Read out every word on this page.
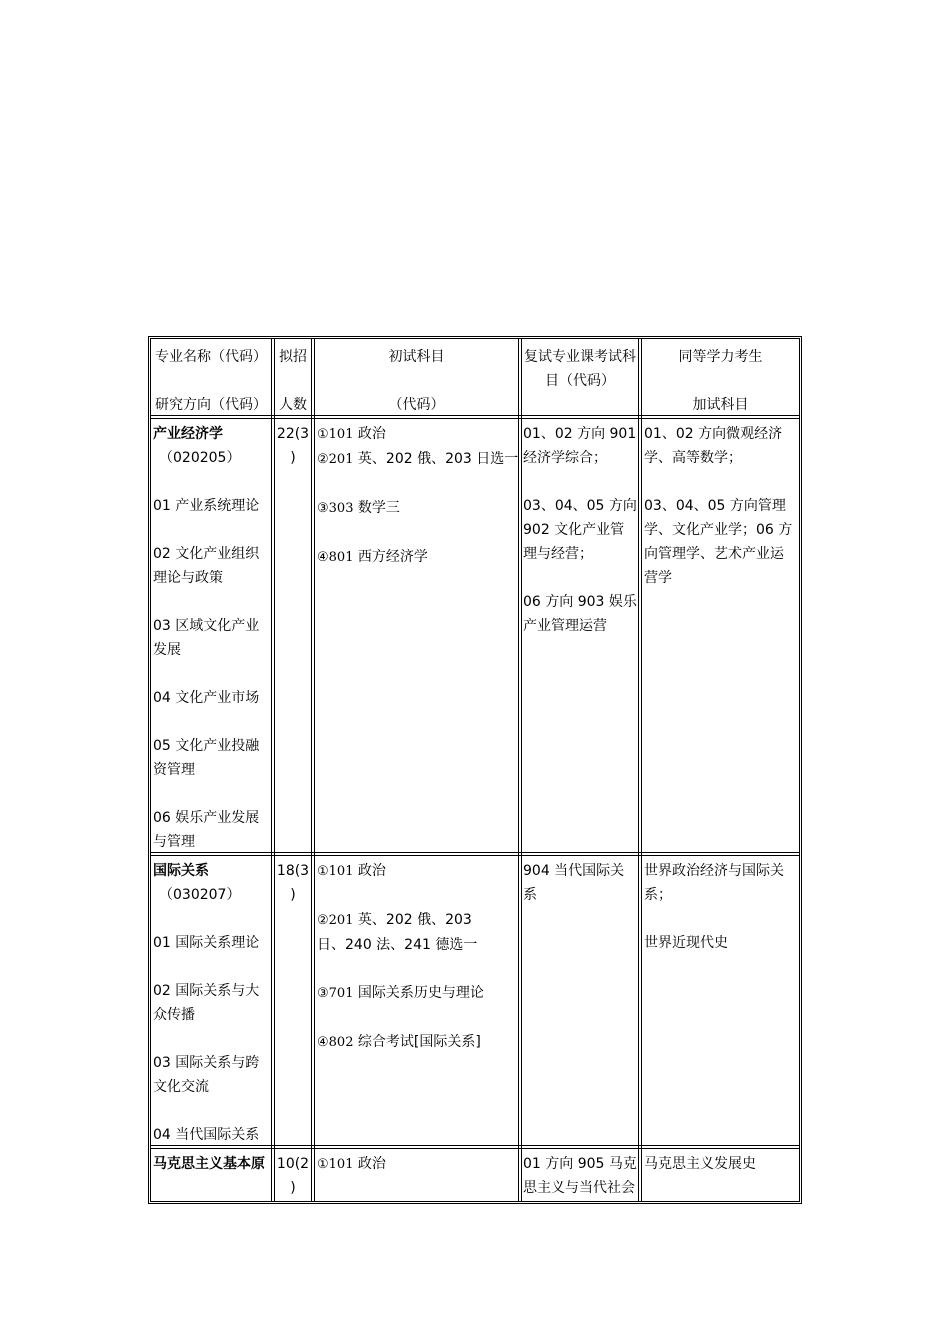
专业名称（代码）

研究方向（代码）

拟招

人数

初试科目

（代码）

复试专业课考试科

目（代码）

同等学力考生

加试科目

产业经济学

（020205）

01 产业系统理论

02 文化产业组织

理论与政策

03 区域文化产业

发展

04 文化产业市场

05 文化产业投融

资管理

06 娱乐产业发展

与管理

22(3

)

①101 政治

②201 英、202 俄、203 日选一

③303 数学三

④801 西方经济学

01、02 方向 901

经济学综合；

03、04、05 方向

902 文化产业管

理与经营；

06 方向 903 娱乐

产业管理运营

01、02 方向微观经济

学、高等数学；

03、04、05 方向管理

学、文化产业学；06 方

向管理学、艺术产业运

营学

国际关系

（030207）

01 国际关系理论

02 国际关系与大

众传播

03 国际关系与跨

文化交流

04 当代国际关系

18(3

)

①101 政治

②201 英、202 俄、203

日、240 法、241 德选一

③701 国际关系历史与理论

④802 综合考试[国际关系]

904 当代国际关

系

世界政治经济与国际关

系；

世界近现代史

马克思主义基本原 10(2

)

①101 政治	01 方向 905 马克

思主义与当代社会

马克思主义发展史
